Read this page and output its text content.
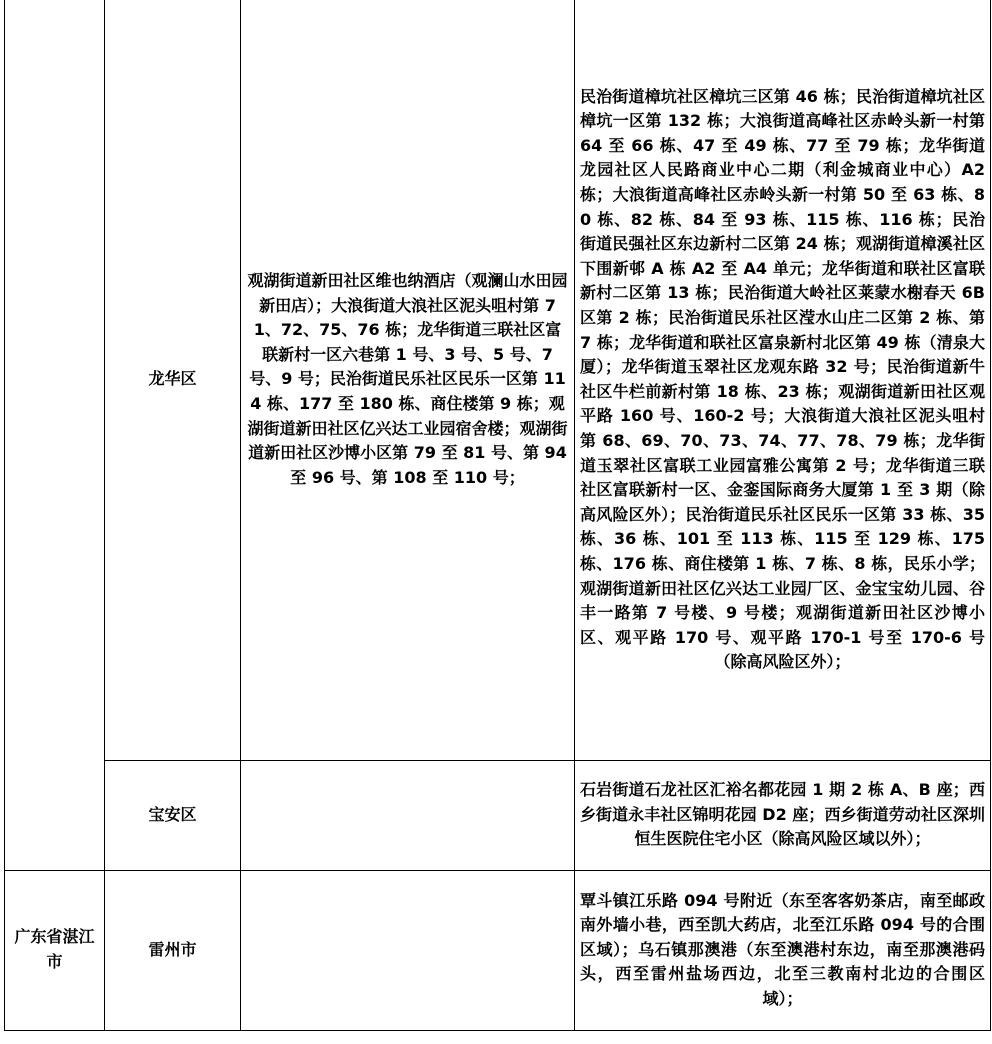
	龙华区	观湖街道新田社区维也纳酒店（观澜山水田园新田店）；大浪街道大浪社区泥头咀村第 71、72、75、76 栋；龙华街道三联社区富联新村一区六巷第 1 号、3 号、5 号、7 号、9 号；民治街道民乐社区民乐一区第 114 栋、177 至 180 栋、商住楼第 9 栋；观湖街道新田社区亿兴达工业园宿舍楼；观湖街道新田社区沙博小区第 79 至 81 号、第 94 至 96 号、第 108 至 110 号；	民治街道樟坑社区樟坑三区第 46 栋；民治街道樟坑社区樟坑一区第 132 栋；大浪街道高峰社区赤岭头新一村第 64 至 66 栋、47 至 49 栋、77 至 79 栋；龙华街道龙园社区人民路商业中心二期（利金城商业中心）A2 栋；大浪街道高峰社区赤岭头新一村第 50 至 63 栋、80 栋、82 栋、84 至 93 栋、115 栋、116 栋；民治街道民强社区东边新村二区第 24 栋；观湖街道樟溪社区下围新邨 A 栋 A2 至 A4 单元；龙华街道和联社区富联新村二区第 13 栋；民治街道大岭社区莱蒙水榭春天 6B 区第 2 栋；民治街道民乐社区滢水山庄二区第 2 栋、第 7 栋；龙华街道和联社区富泉新村北区第 49 栋（清泉大厦）；龙华街道玉翠社区龙观东路 32 号；民治街道新牛社区牛栏前新村第 18 栋、23 栋；观湖街道新田社区观平路 160 号、160-2 号；大浪街道大浪社区泥头咀村第 68、69、70、73、74、77、78、79 栋；龙华街道玉翠社区富联工业园富雅公寓第 2 号；龙华街道三联社区富联新村一区、金銮国际商务大厦第 1 至 3 期（除高风险区外）；民治街道民乐社区民乐一区第 33 栋、35 栋、36 栋、101 至 113 栋、115 至 129 栋、175 栋、176 栋、商住楼第 1 栋、7 栋、8 栋，民乐小学；观湖街道新田社区亿兴达工业园厂区、金宝宝幼儿园、谷丰一路第 7 号楼、9 号楼；观湖街道新田社区沙博小区、观平路 170 号、观平路 170-1 号至 170-6 号（除高风险区外）；

	宝安区		石岩街道石龙社区汇裕名都花园 1 期 2 栋 A、B 座；西乡街道永丰社区锦明花园 D2 座；西乡街道劳动社区深圳恒生医院住宅小区（除高风险区域以外）；

广东省湛江市	雷州市		覃斗镇江乐路 094 号附近（东至客客奶茶店，南至邮政南外墙小巷，西至凯大药店，北至江乐路 094 号的合围区域）；乌石镇那澳港（东至澳港村东边，南至那澳港码头，西至雷州盐场西边，北至三教南村北边的合围区域）；
